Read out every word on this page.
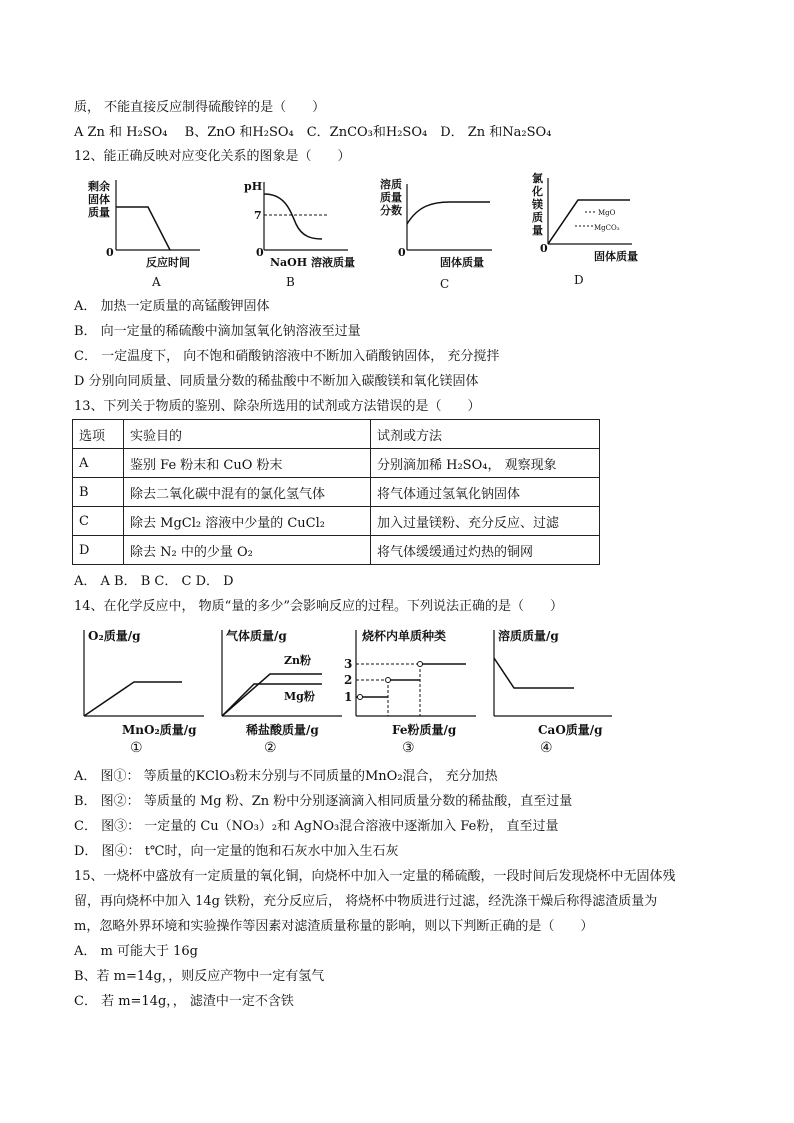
质， 不能直接反应制得硫酸锌的是（　　）
A Zn 和 H₂SO₄　 B、ZnO 和H₂SO₄　C．ZnCO₃和H₂SO₄　D． Zn 和Na₂SO₄
12、能正确反映对应变化关系的图象是（　　）
剩余
固体
质量
0
反应时间
A
pH
7
0
NaOH 溶液质量
B
溶质
质量
分数
0
固体质量
C
氯
化
镁
质
量
MgO
MgCO₃
0
固体质量
D
A． 加热一定质量的高锰酸钾固体
B． 向一定量的稀硫酸中滴加氢氧化钠溶液至过量
C． 一定温度下， 向不饱和硝酸钠溶液中不断加入硝酸钠固体， 充分搅拌
D 分别向同质量、同质量分数的稀盐酸中不断加入碳酸镁和氧化镁固体
13、下列关于物质的鉴别、除杂所选用的试剂或方法错误的是（　　）
选项	实验目的	试剂或方法
A	鉴别 Fe 粉末和 CuO 粉末	分别滴加稀 H₂SO₄， 观察现象
B	除去二氧化碳中混有的氯化氢气体	将气体通过氢氧化钠固体
C	除去 MgCl₂ 溶液中少量的 CuCl₂	加入过量镁粉、充分反应、过滤
D	除去 N₂ 中的少量 O₂	将气体缓缓通过灼热的铜网
A． A B． B C． C D． D
14、在化学反应中， 物质“量的多少”会影响反应的过程。下列说法正确的是（　　）
O₂质量/g
MnO₂质量/g
①
气体质量/g
Zn粉
Mg粉
稀盐酸质量/g
②
烧杯内单质种类
3
2
1
Fe粉质量/g
③
溶质质量/g
CaO质量/g
④
A． 图①： 等质量的KClO₃粉末分别与不同质量的MnO₂混合， 充分加热
B． 图②： 等质量的 Mg 粉、Zn 粉中分别逐滴滴入相同质量分数的稀盐酸，直至过量
C． 图③： 一定量的 Cu（NO₃）₂和 AgNO₃混合溶液中逐渐加入 Fe粉， 直至过量
D． 图④： t℃时，向一定量的饱和石灰水中加入生石灰
15、一烧杯中盛放有一定质量的氧化铜，向烧杯中加入一定量的稀硫酸，一段时间后发现烧杯中无固体残
留，再向烧杯中加入 14g 铁粉，充分反应后， 将烧杯中物质进行过滤，经洗涤干燥后称得滤渣质量为
m，忽略外界环境和实验操作等因素对滤渣质量称量的影响，则以下判断正确的是（　　）
A． m 可能大于 16g
B、若 m=14g，，则反应产物中一定有氢气
C． 若 m=14g，， 滤渣中一定不含铁
